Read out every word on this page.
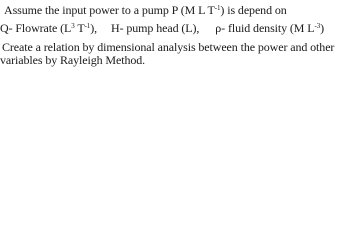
Assume the input power to a pump P (M L $T^{-1}$) is depend on
Q- Flowrate ($L^3$ $T^{-1}$), H- pump head (L), ρ- fluid density (M $L^{-3}$)
Create a relation by dimensional analysis between the power and other
variables by Rayleigh Method.
